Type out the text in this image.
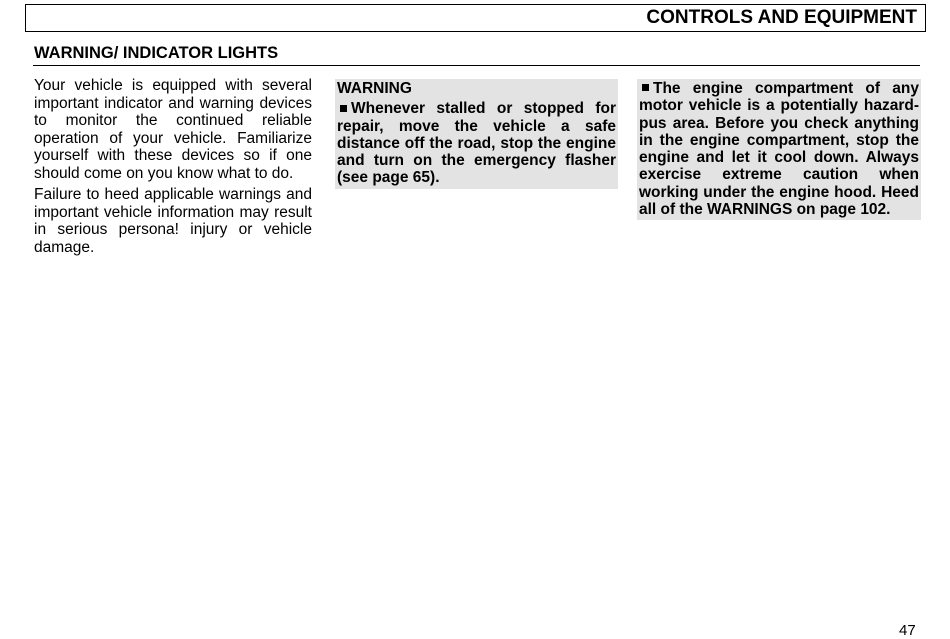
CONTROLS AND EQUIPMENT
WARNING/ INDICATOR LIGHTS

Your vehicle is equipped with several important indicator and warning devices to monitor the continued reliable operation of your vehicle. Familiarize yourself with these devices so if one should come on you know what to do.

Failure to heed applicable warnings and important vehicle information may result in serious persona! injury or vehicle damage.

WARNING
Whenever stalled or stopped for repair, move the vehicle a safe distance off the road, stop the engine and turn on the emergency flasher (see page 65).
The engine compartment of any motor vehicle is a potentially hazard-pus area. Before you check anything in the engine compartment, stop the engine and let it cool down. Always exercise extreme caution when working under the engine hood. Heed all of the WARNINGS on page 102.
47
